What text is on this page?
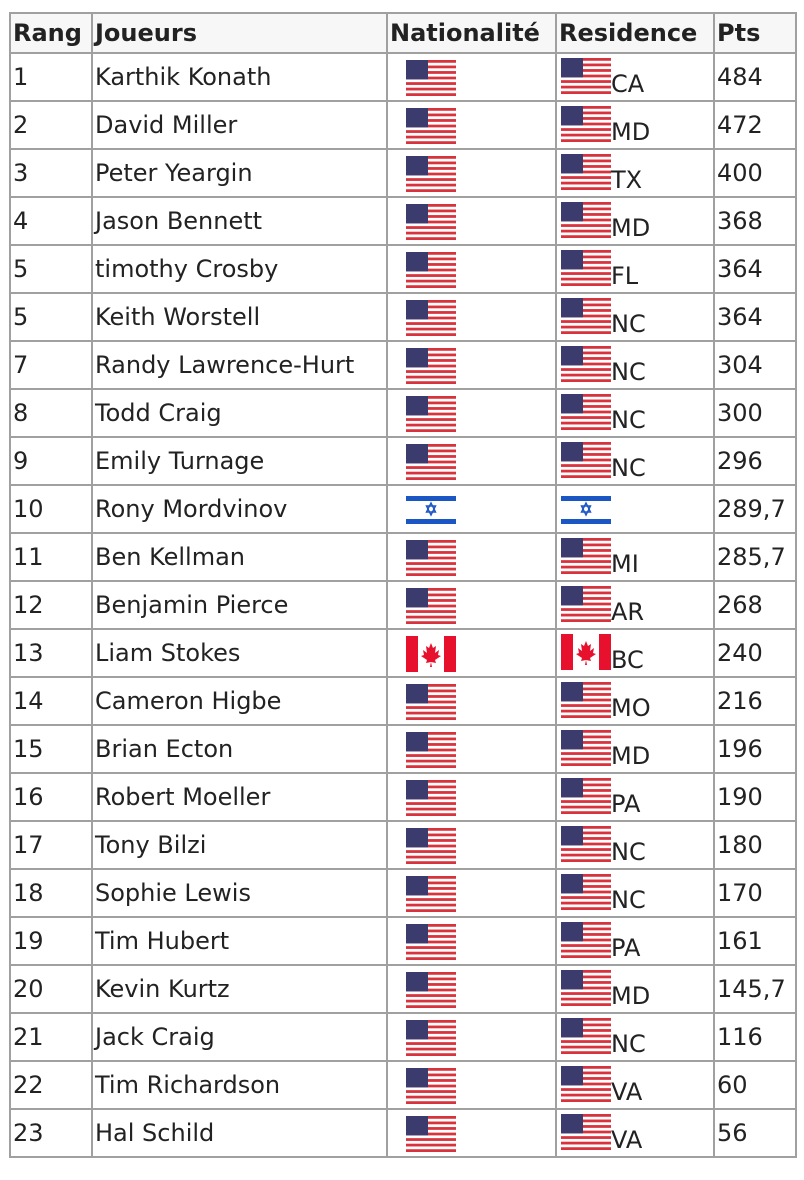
Rang	Joueurs	Nationalité	Residence	Pts
1	Karthik Konath		CA	484
2	David Miller		MD	472
3	Peter Yeargin		TX	400
4	Jason Bennett		MD	368
5	timothy Crosby		FL	364
5	Keith Worstell		NC	364
7	Randy Lawrence-Hurt		NC	304
8	Todd Craig		NC	300
9	Emily Turnage		NC	296
10	Rony Mordvinov			289,7
11	Ben Kellman		MI	285,7
12	Benjamin Pierce		AR	268
13	Liam Stokes		BC	240
14	Cameron Higbe		MO	216
15	Brian Ecton		MD	196
16	Robert Moeller		PA	190
17	Tony Bilzi		NC	180
18	Sophie Lewis		NC	170
19	Tim Hubert		PA	161
20	Kevin Kurtz		MD	145,7
21	Jack Craig		NC	116
22	Tim Richardson		VA	60
23	Hal Schild		VA	56
